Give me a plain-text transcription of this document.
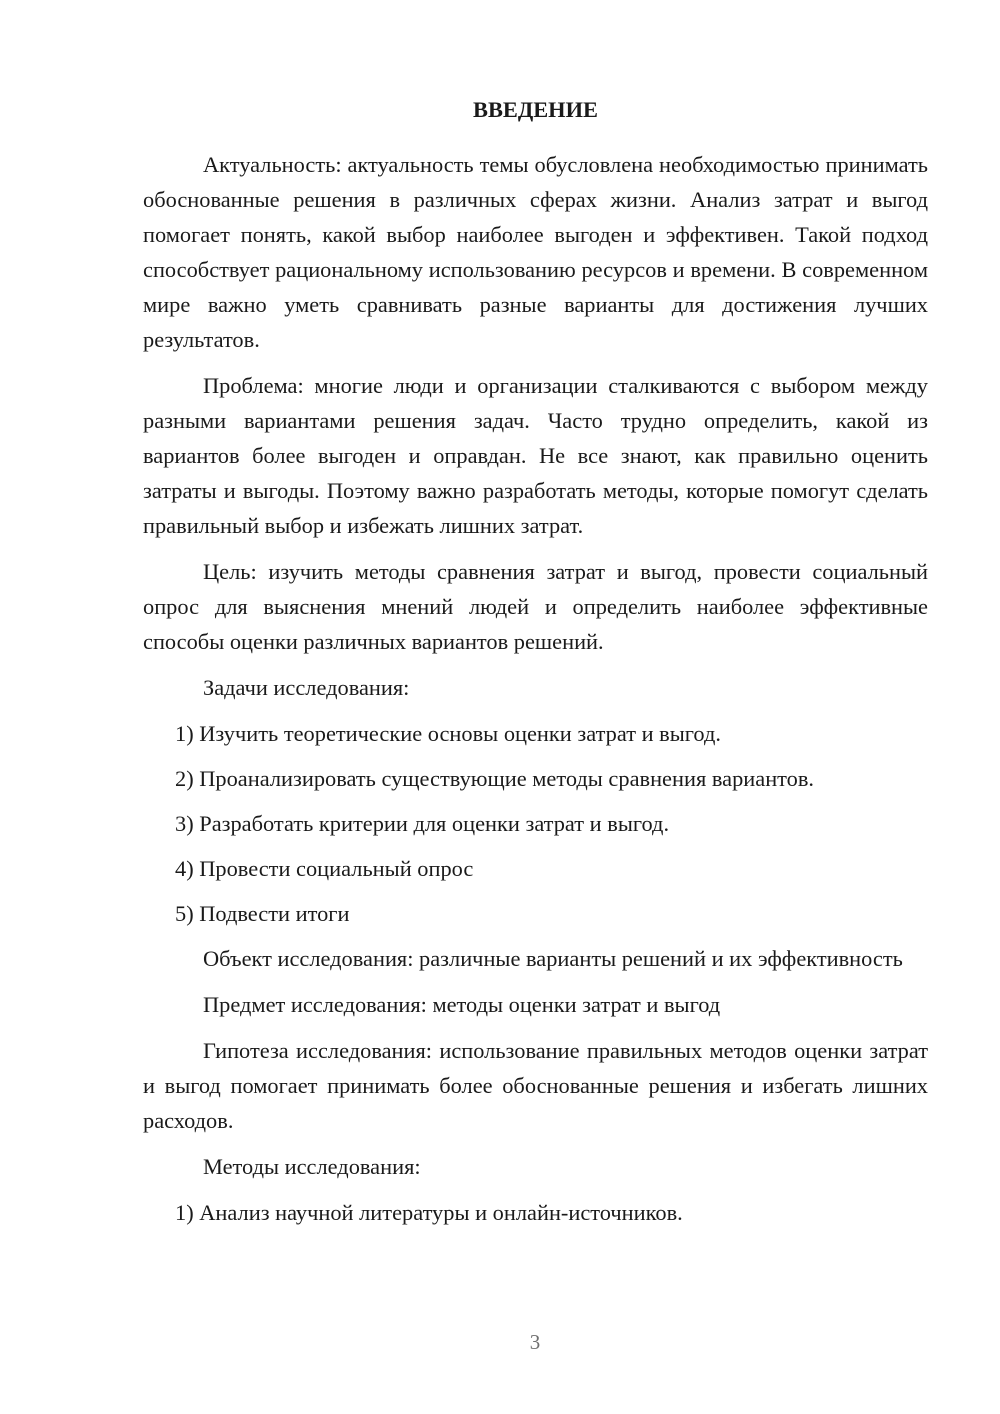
ВВЕДЕНИЕ

Актуальность: актуальность темы обусловлена необходимостью принимать обоснованные решения в различных сферах жизни. Анализ затрат и выгод помогает понять, какой выбор наиболее выгоден и эффективен. Такой подход способствует рациональному использованию ресурсов и времени. В современном мире важно уметь сравнивать разные варианты для достижения лучших результатов.

Проблема: многие люди и организации сталкиваются с выбором между разными вариантами решения задач. Часто трудно определить, какой из вариантов более выгоден и оправдан. Не все знают, как правильно оценить затраты и выгоды. Поэтому важно разработать методы, которые помогут сделать правильный выбор и избежать лишних затрат.

Цель: изучить методы сравнения затрат и выгод, провести социальный опрос для выяснения мнений людей и определить наиболее эффективные способы оценки различных вариантов решений.

Задачи исследования:

1) Изучить теоретические основы оценки затрат и выгод.

2) Проанализировать существующие методы сравнения вариантов.

3) Разработать критерии для оценки затрат и выгод.

4) Провести социальный опрос

5) Подвести итоги

Объект исследования: различные варианты решений и их эффективность

Предмет исследования: методы оценки затрат и выгод

Гипотеза исследования: использование правильных методов оценки затрат и выгод помогает принимать более обоснованные решения и избегать лишних расходов.

Методы исследования:

1) Анализ научной литературы и онлайн-источников.

3
